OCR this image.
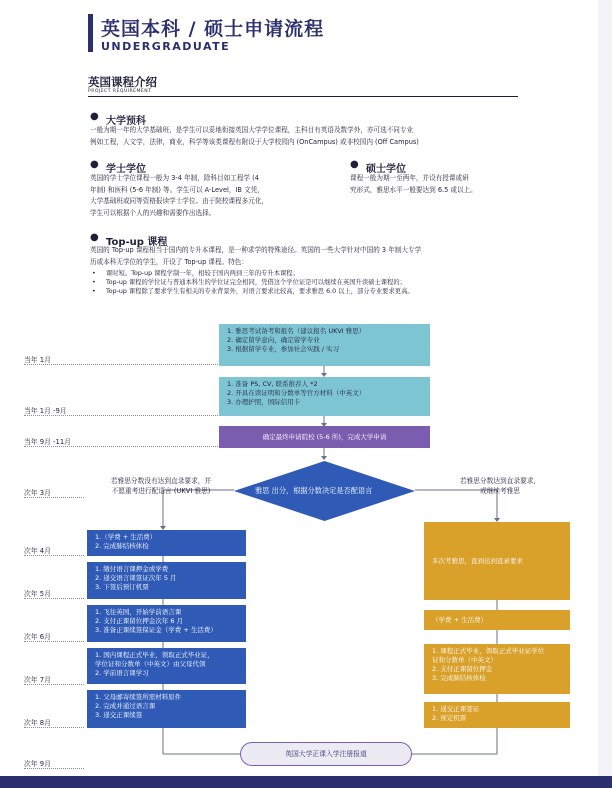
英国本科 / 硕士申请流程
UNDERGRADUATE
英国课程介绍
PROJECT REQUIREMENT
● 大学预科
一般为期一年的大学基础班，是学生可以妥地衔接英国大学学位课程，主科目有英语及数学外，亦可选不同专业
例如工程，人文学，法律，商业，科学等该类课程有附设于大学校园内 (OnCampus) 或非校园内 (Off Campus)
● 学士学位
英国的学士学位课程一般为 3-4 年制，除科目如工程学 (4
年制) 和医科 (5-6 年制) 等。学生可以 A-Level，IB 文凭，
大学基础班或同等资格报读学士学位。由于院校课程多元化，
学生可以根据个人的兴趣和需要作出选择。
● 硕士学位
课程一般为期一至两年，并设有授课或研
究形式，雅思水平一般要达到 6.5 或以上。
● Top-up 课程
英国的 Top-up 课程相当于国内的专升本课程，是一种求学的特殊途径。英国的一些大学针对中国的 3 年制大专学
历或本科无学位的学生，开设了 Top-up 课程。特色：
• 课时短。Top-up 课程学制一年，相较于国内两到三年的专升本课程；
• Top-up 课程的学位证与普通本科生的学位证完全相同，凭借这个学位证是可以继续在英国升读硕士课程的；
• Top-up 课程除了要求学生有相关的专业背景外，对语言要求比较高，要求雅思 6.0 以上，部分专业要求更高。
当年 1月
当年 1月 -9月
当年 9月 -11月
次年 3月
次年 4月
次年 5月
次年 6月
次年 7月
次年 8月
次年 9月
1. 雅思考试备考和报名（建议报名 UKVI 雅思）
2. 确定留学意向，确定留学专业
3. 根据留学专业，参加社会实践 / 实习
1. 准备 PS, CV, 联系推荐人 *2
2. 开具在读证明和分数单等官方材料（中英文）
3. 办理护照，国际信用卡
确定最终申请院校 (5-6 所)，完成大学申请
雅思 出分，根据分数决定是否配语言
若雅思分数没有达到直录要求，并
不愿重考进行配语言 (UKVI 雅思)
若雅思分数达到直录要求，
或继续考雅思
1.（学费 + 生活费）
2. 完成肺结核体检
1. 缴付语言课押金或学费
2. 递交语言课签证次年 5 月
3. 下签后预订机票
1. 飞往英国，开始学前语言课
2. 支付正课留位押金次年 6 月
3. 准备正课续签保证金（学费 + 生活费）
1. 国内课程正式毕业，领取正式毕业证，
学位证和分数单（中英文）由父母代领
2. 学前语言课学习
1. 父母邮寄续签所需材料原件
2. 完成并通过语言课
3. 递交正课续签
多次考雅思，直到达到直录要求
（学费 + 生活费）
1. 课程正式毕业，领取正式毕业证学位
证和分数单（中英文）
2. 支付正课留位押金
3. 完成肺结核体检
1. 递交正课签证
2. 预定机票
英国大学正课入学注册报道
